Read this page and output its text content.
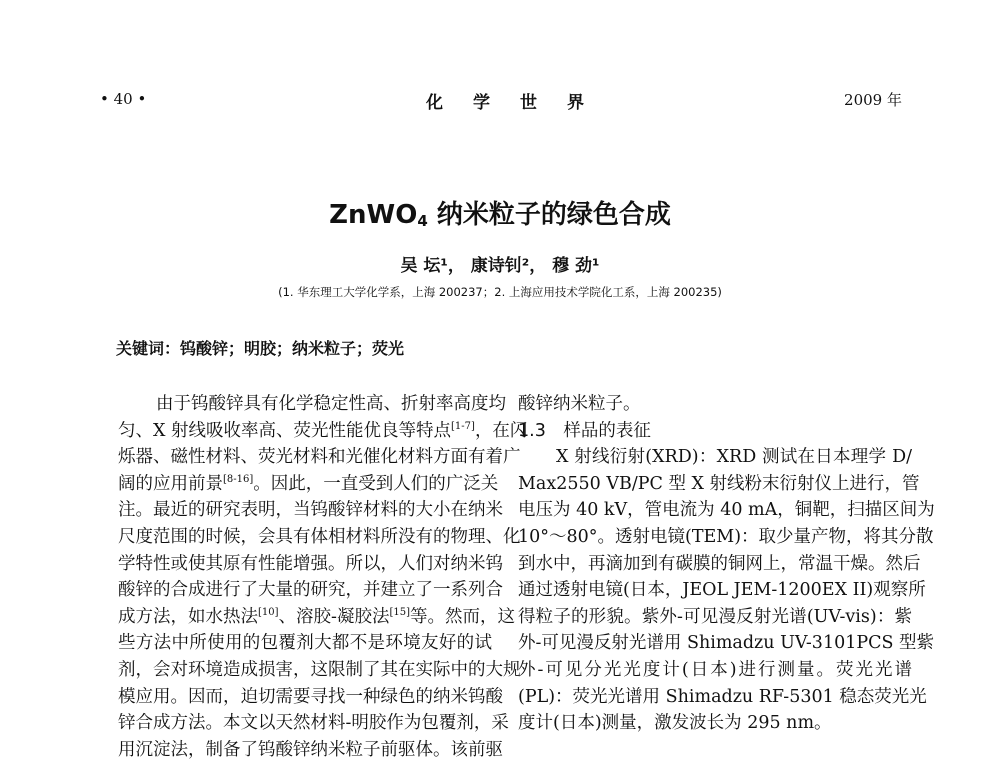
• 40 •	化学世界	2009 年
ZnWO$_4$ 纳米粒子的绿色合成
吴 坛¹， 康诗钊²， 穆 劲¹
(1. 华东理工大学化学系，上海 200237；2. 上海应用技术学院化工系，上海 200235)
关键词：钨酸锌；明胶；纳米粒子；荧光
由于钨酸锌具有化学稳定性高、折射率高度均
匀、X 射线吸收率高、荧光性能优良等特点[1-7]，在闪
烁器、磁性材料、荧光材料和光催化材料方面有着广
阔的应用前景[8-16]。因此，一直受到人们的广泛关
注。最近的研究表明，当钨酸锌材料的大小在纳米
尺度范围的时候，会具有体相材料所没有的物理、化
学特性或使其原有性能增强。所以，人们对纳米钨
酸锌的合成进行了大量的研究，并建立了一系列合
成方法，如水热法[10]、溶胶-凝胶法[15]等。然而，这
些方法中所使用的包覆剂大都不是环境友好的试
剂，会对环境造成损害，这限制了其在实际中的大规
模应用。因而，迫切需要寻找一种绿色的纳米钨酸
锌合成方法。本文以天然材料-明胶作为包覆剂，采
用沉淀法，制备了钨酸锌纳米粒子前驱体。该前驱
酸锌纳米粒子。
1.3　样品的表征
X 射线衍射(XRD)：XRD 测试在日本理学 D/
Max2550 VB/PC 型 X 射线粉末衍射仪上进行，管
电压为 40 kV，管电流为 40 mA，铜靶，扫描区间为
10°～80°。透射电镜(TEM)：取少量产物，将其分散
到水中，再滴加到有碳膜的铜网上，常温干燥。然后
通过透射电镜(日本，JEOL JEM-1200EX II)观察所
得粒子的形貌。紫外-可见漫反射光谱(UV-vis)：紫
外-可见漫反射光谱用 Shimadzu UV-3101PCS 型紫
外-可见分光光度计(日本)进行测量。荧光光谱
(PL)：荧光光谱用 Shimadzu RF-5301 稳态荧光光
度计(日本)测量，激发波长为 295 nm。
